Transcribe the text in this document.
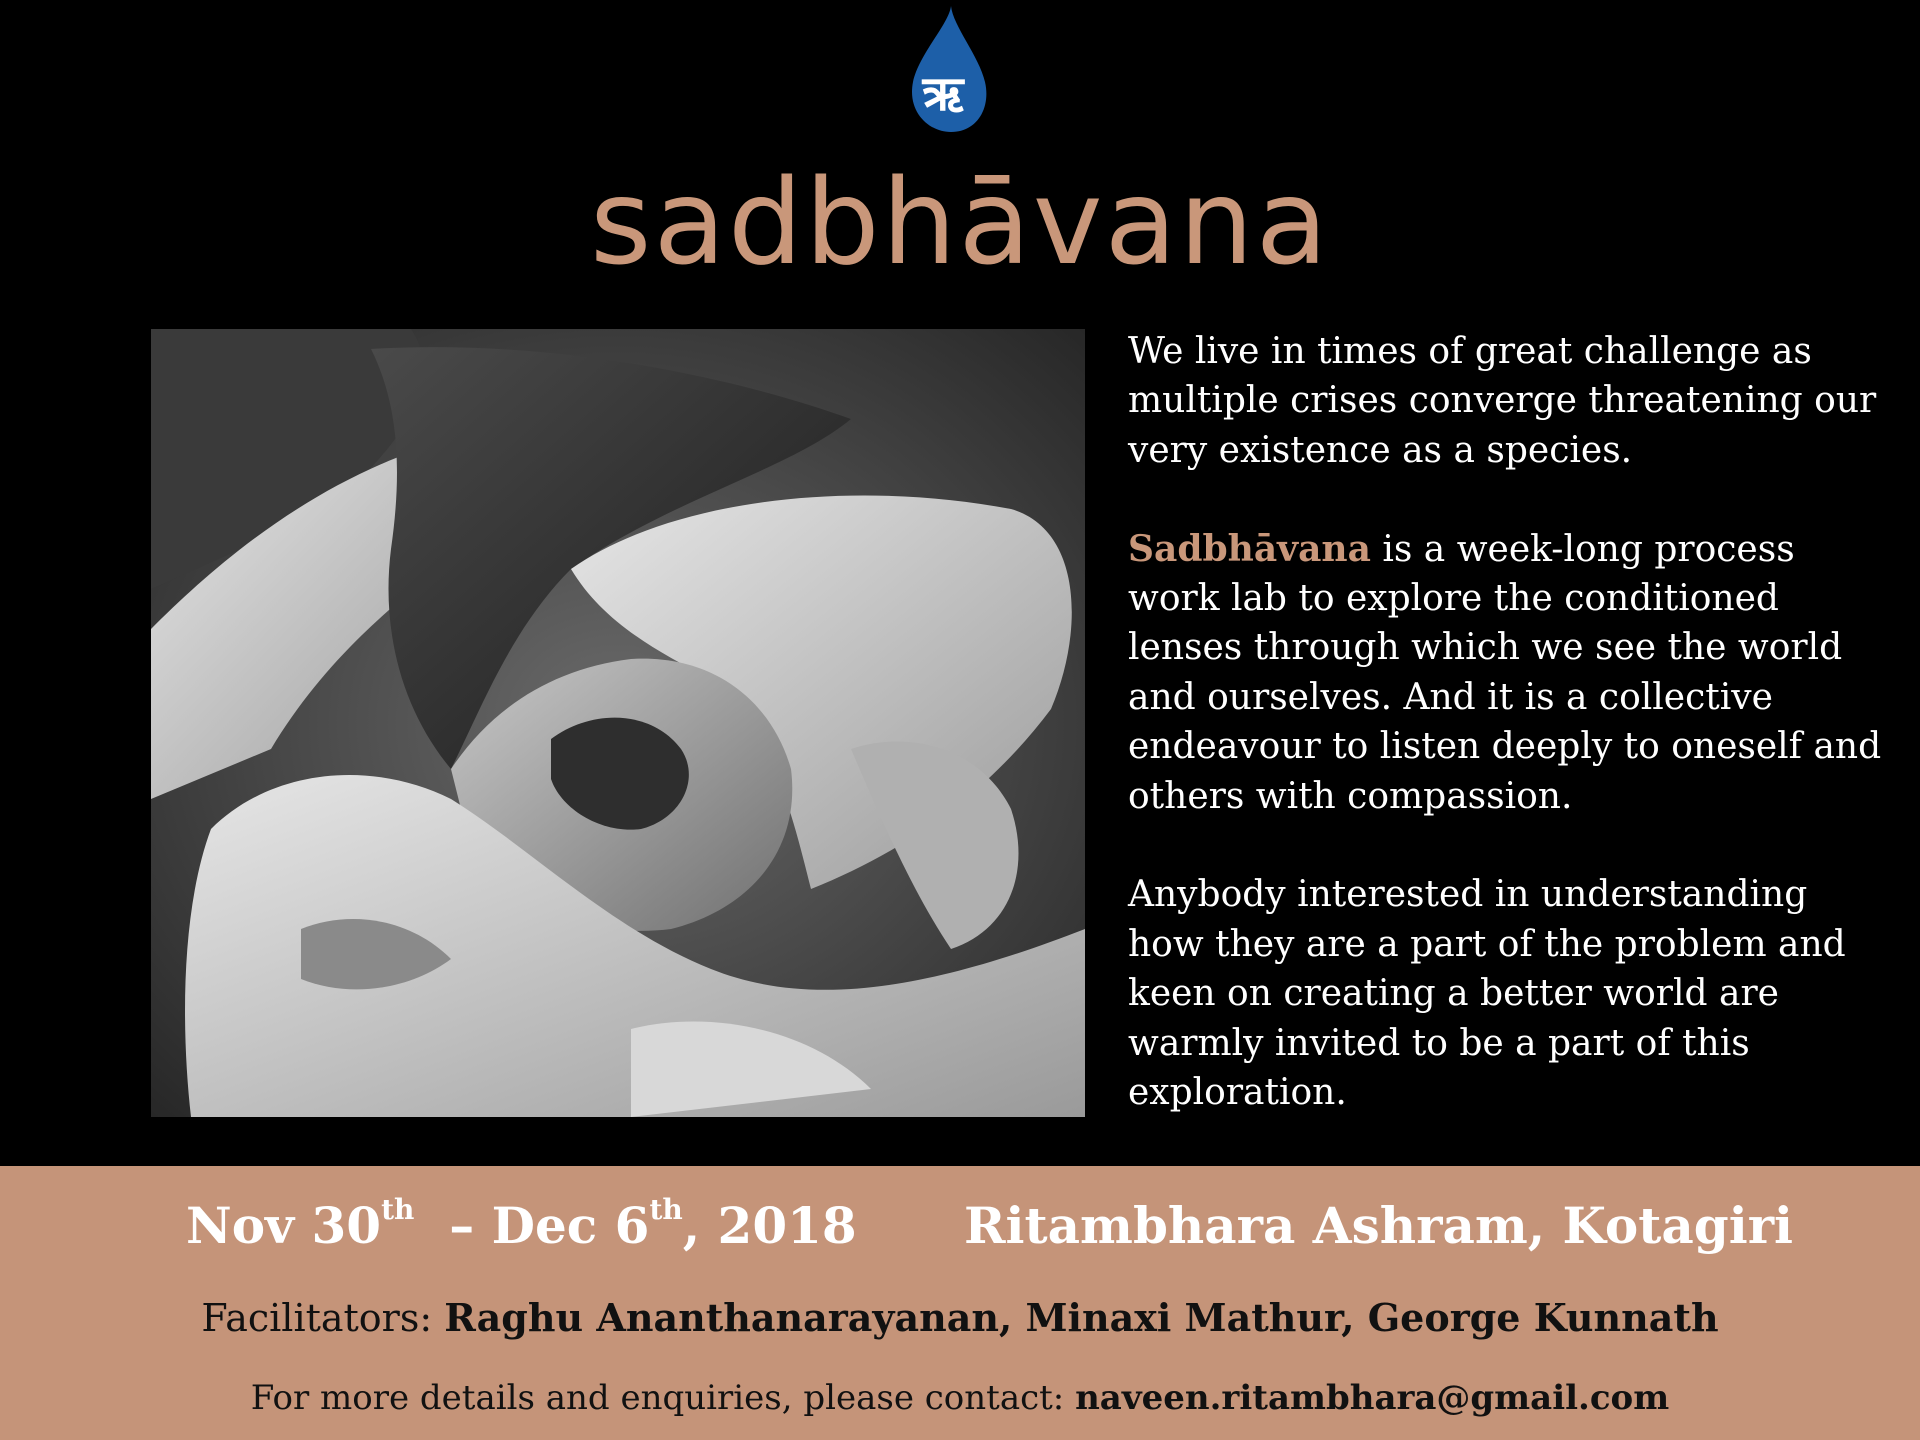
ऋ
sadbhāvana

We live in times of great challenge as multiple crises converge threatening our very existence as a species.

Sadbhāvana is a week-long process work lab to explore the conditioned lenses through which we see the world and ourselves. And it is a collective endeavour to listen deeply to oneself and others with compassion.

Anybody interested in understanding how they are a part of the problem and keen on creating a better world are warmly invited to be a part of this exploration.

Nov 30th  – Dec 6th, 2018 Ritambhara Ashram, Kotagiri
Facilitators: Raghu Ananthanarayanan, Minaxi Mathur, George Kunnath
For more details and enquiries, please contact: naveen.ritambhara@gmail.com
